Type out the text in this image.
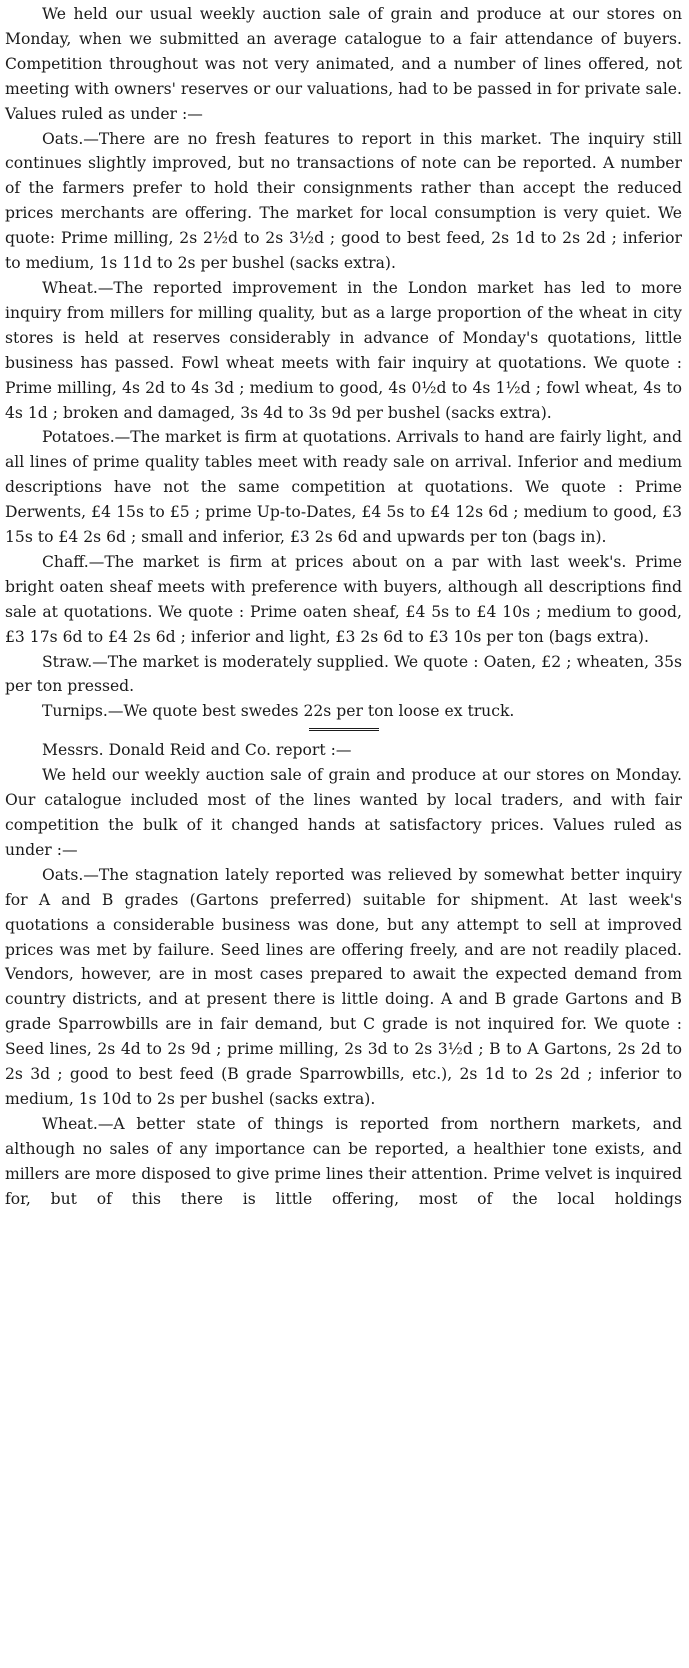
We held our usual weekly auction sale of grain and produce at our stores on Monday, when we submitted an average catalogue to a fair attendance of buyers. Competition throughout was not very animated, and a number of lines offered, not meeting with owners' reserves or our valuations, had to be passed in for private sale. Values ruled as under :—

Oats.—There are no fresh features to report in this market. The inquiry still continues slightly improved, but no transactions of note can be reported. A number of the farmers prefer to hold their consignments rather than accept the reduced prices merchants are offering. The market for local consumption is very quiet. We quote: Prime milling, 2s 2½d to 2s 3½d ; good to best feed, 2s 1d to 2s 2d ; inferior to medium, 1s 11d to 2s per bushel (sacks extra).

Wheat.—The reported improvement in the London market has led to more inquiry from millers for milling quality, but as a large proportion of the wheat in city stores is held at reserves considerably in advance of Monday's quotations, little business has passed. Fowl wheat meets with fair inquiry at quotations. We quote : Prime milling, 4s 2d to 4s 3d ; medium to good, 4s 0½d to 4s 1½d ; fowl wheat, 4s to 4s 1d ; broken and damaged, 3s 4d to 3s 9d per bushel (sacks extra).

Potatoes.—The market is firm at quotations. Arrivals to hand are fairly light, and all lines of prime quality tables meet with ready sale on arrival. Inferior and medium descriptions have not the same competition at quotations. We quote : Prime Derwents, £4 15s to £5 ; prime Up-to-Dates, £4 5s to £4 12s 6d ; medium to good, £3 15s to £4 2s 6d ; small and inferior, £3 2s 6d and upwards per ton (bags in).

Chaff.—The market is firm at prices about on a par with last week's. Prime bright oaten sheaf meets with preference with buyers, although all descriptions find sale at quotations. We quote : Prime oaten sheaf, £4 5s to £4 10s ; medium to good, £3 17s 6d to £4 2s 6d ; inferior and light, £3 2s 6d to £3 10s per ton (bags extra).

Straw.—The market is moderately supplied. We quote : Oaten, £2 ; wheaten, 35s per ton pressed.

Turnips.—We quote best swedes 22s per ton loose ex truck.

Messrs. Donald Reid and Co. report :—

We held our weekly auction sale of grain and produce at our stores on Monday. Our catalogue included most of the lines wanted by local traders, and with fair competition the bulk of it changed hands at satisfactory prices. Values ruled as under :—

Oats.—The stagnation lately reported was relieved by somewhat better inquiry for A and B grades (Gartons preferred) suitable for shipment. At last week's quotations a considerable business was done, but any attempt to sell at improved prices was met by failure. Seed lines are offering freely, and are not readily placed. Vendors, however, are in most cases prepared to await the expected demand from country districts, and at present there is little doing. A and B grade Gartons and B grade Sparrowbills are in fair demand, but C grade is not inquired for. We quote : Seed lines, 2s 4d to 2s 9d ; prime milling, 2s 3d to 2s 3½d ; B to A Gartons, 2s 2d to 2s 3d ; good to best feed (B grade Sparrowbills, etc.), 2s 1d to 2s 2d ; inferior to medium, 1s 10d to 2s per bushel (sacks extra).

Wheat.—A better state of things is reported from northern markets, and although no sales of any importance can be reported, a healthier tone exists, and millers are more disposed to give prime lines their attention. Prime velvet is inquired for, but of this there is little offering, most of the local holdings
